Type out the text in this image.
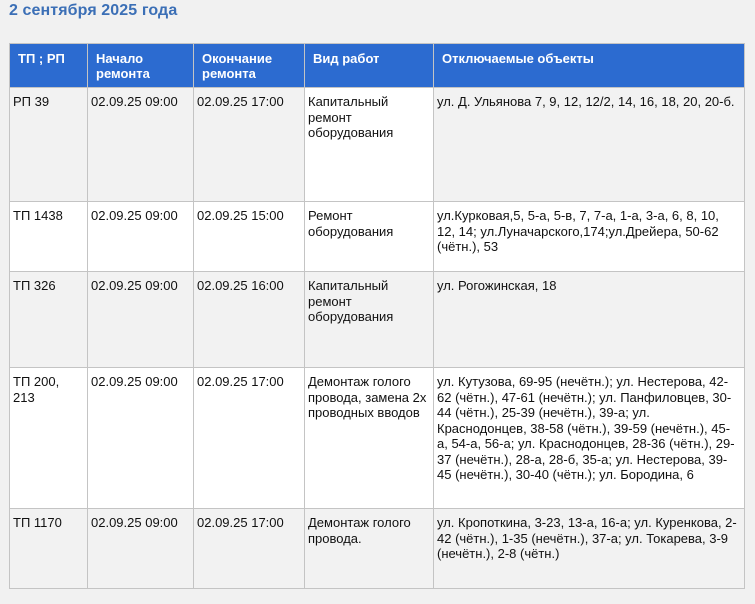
2 сентября 2025 года
ТП ; РП	Начало ремонта	Окончание ремонта	Вид работ	Отключаемые объекты
РП 39	02.09.25 09:00	02.09.25 17:00	Капитальный ремонт оборудования	ул. Д. Ульянова 7, 9, 12, 12/2, 14, 16, 18, 20, 20-б.
ТП 1438	02.09.25 09:00	02.09.25 15:00	Ремонт оборудования	ул.Курковая,5, 5-а, 5-в, 7, 7-а, 1-а, 3-а, 6, 8, 10, 12, 14; ул.Луначарского,174;ул.Дрейера, 50-62 (чётн.), 53
ТП 326	02.09.25 09:00	02.09.25 16:00	Капитальный ремонт оборудования	ул. Рогожинская, 18
ТП 200, 213	02.09.25 09:00	02.09.25 17:00	Демонтаж голого провода, замена 2х проводных вводов	ул. Кутузова, 69-95 (нечётн.); ул. Нестерова, 42-62 (чётн.), 47-61 (нечётн.); ул. Панфиловцев, 30-44 (чётн.), 25-39 (нечётн.), 39-а; ул. Краснодонцев, 38-58 (чётн.), 39-59 (нечётн.), 45-а, 54-а, 56-а; ул. Краснодонцев, 28-36 (чётн.), 29-37 (нечётн.), 28-а, 28-б, 35-а; ул. Нестерова, 39-45 (нечётн.), 30-40 (чётн.); ул. Бородина, 6
ТП 1170	02.09.25 09:00	02.09.25 17:00	Демонтаж голого провода.	ул. Кропоткина, 3-23, 13-а, 16-а; ул. Куренкова, 2-42 (чётн.), 1-35 (нечётн.), 37-а; ул. Токарева, 3-9 (нечётн.), 2-8 (чётн.)
